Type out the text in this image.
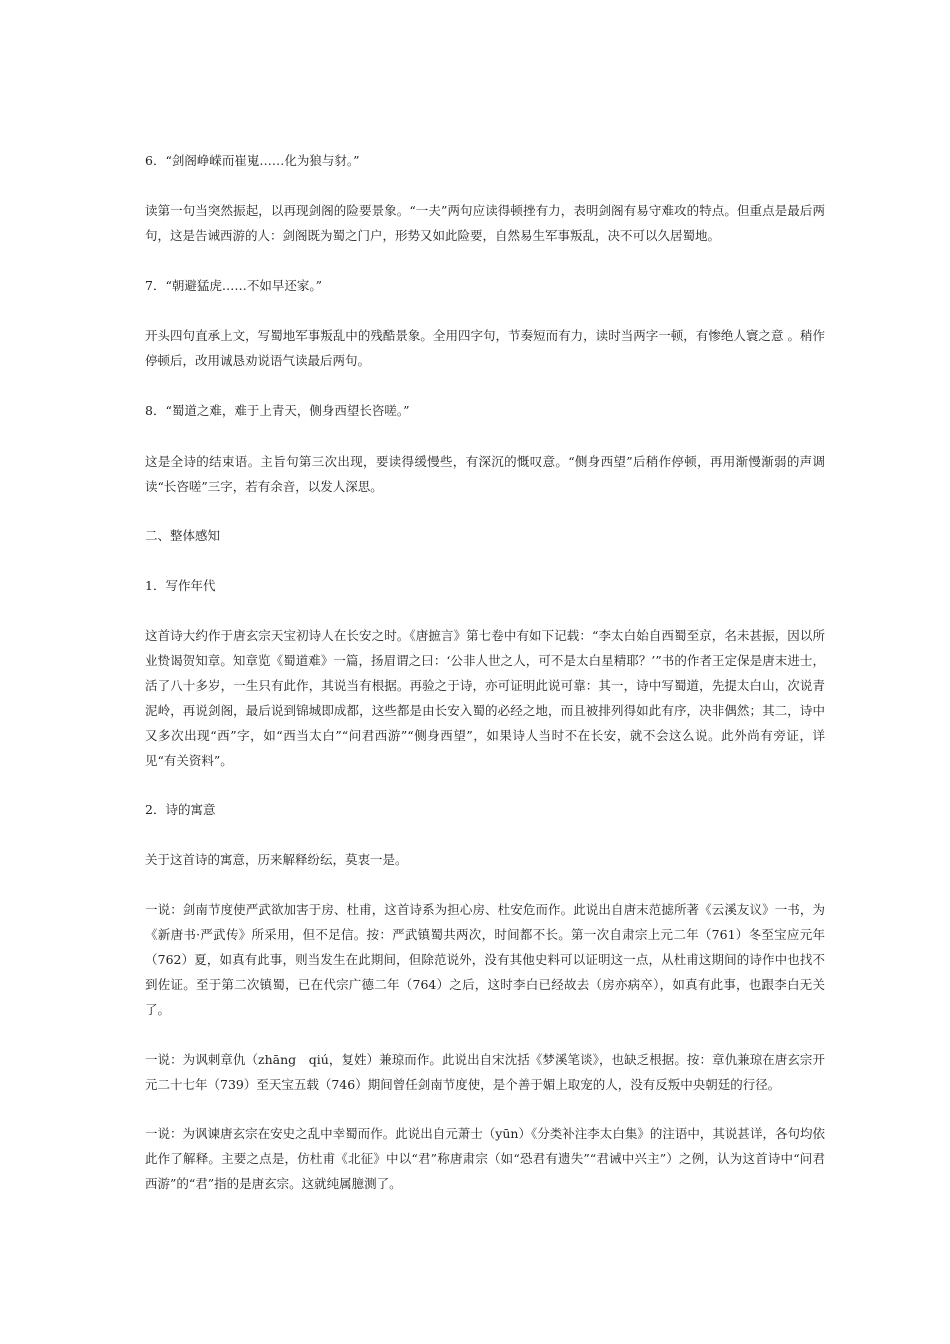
6．“剑阁峥嵘而崔嵬……化为狼与豺。”

读第一句当突然振起，以再现剑阁的险要景象。“一夫”两句应读得顿挫有力，表明剑阁有易守难攻的特点。但重点是最后两句，这是告诫西游的人：剑阁既为蜀之门户，形势又如此险要，自然易生军事叛乱，决不可以久居蜀地。

7．“朝避猛虎……不如早还家。”

开头四句直承上文，写蜀地军事叛乱中的残酷景象。全用四字句，节奏短而有力，读时当两字一顿，有惨绝人寰之意 。稍作停顿后，改用诚恳劝说语气读最后两句。

8．“蜀道之难，难于上青天，侧身西望长咨嗟。”

这是全诗的结束语。主旨句第三次出现，要读得缓慢些，有深沉的慨叹意。“侧身西望”后稍作停顿，再用渐慢渐弱的声调读“长咨嗟”三字，若有余音，以发人深思。

二、整体感知

1．写作年代

这首诗大约作于唐玄宗天宝初诗人在长安之时。《唐摭言》第七卷中有如下记载：“李太白始自西蜀至京，名未甚振，因以所业贽谒贺知章。知章览《蜀道难》一篇，扬眉谓之曰：‘公非人世之人，可不是太白星精耶？’”书的作者王定保是唐末进士，活了八十多岁，一生只有此作，其说当有根据。再验之于诗，亦可证明此说可靠：其一，诗中写蜀道，先提太白山，次说青泥岭，再说剑阁，最后说到锦城即成都，这些都是由长安入蜀的必经之地，而且被排列得如此有序，决非偶然；其二，诗中又多次出现“西”字，如“西当太白”“问君西游”“侧身西望”，如果诗人当时不在长安，就不会这么说。此外尚有旁证，详见“有关资料”。

2．诗的寓意

关于这首诗的寓意，历来解释纷纭，莫衷一是。

一说：剑南节度使严武欲加害于房、杜甫，这首诗系为担心房、杜安危而作。此说出自唐末范摅所著《云溪友议》一书，为《新唐书·严武传》所采用，但不足信。按：严武镇蜀共两次，时间都不长。第一次自肃宗上元二年（761）冬至宝应元年（762）夏，如真有此事，则当发生在此期间，但除范说外，没有其他史料可以证明这一点，从杜甫这期间的诗作中也找不到佐证。至于第二次镇蜀，已在代宗广德二年（764）之后，这时李白已经故去（房亦病卒），如真有此事，也跟李白无关了。

一说：为讽刺章仇（zhāng　qiú，复姓）兼琼而作。此说出自宋沈括《梦溪笔谈》，也缺乏根据。按：章仇兼琼在唐玄宗开元二十七年（739）至天宝五载（746）期间曾任剑南节度使，是个善于媚上取宠的人，没有反叛中央朝廷的行径。

一说：为讽谏唐玄宗在安史之乱中幸蜀而作。此说出自元萧士（yūn）《分类补注李太白集》的注语中，其说甚详，各句均依此作了解释。主要之点是，仿杜甫《北征》中以“君”称唐肃宗（如“恐君有遗失”“君诫中兴主”）之例，认为这首诗中“问君西游”的“君”指的是唐玄宗。这就纯属臆测了。
